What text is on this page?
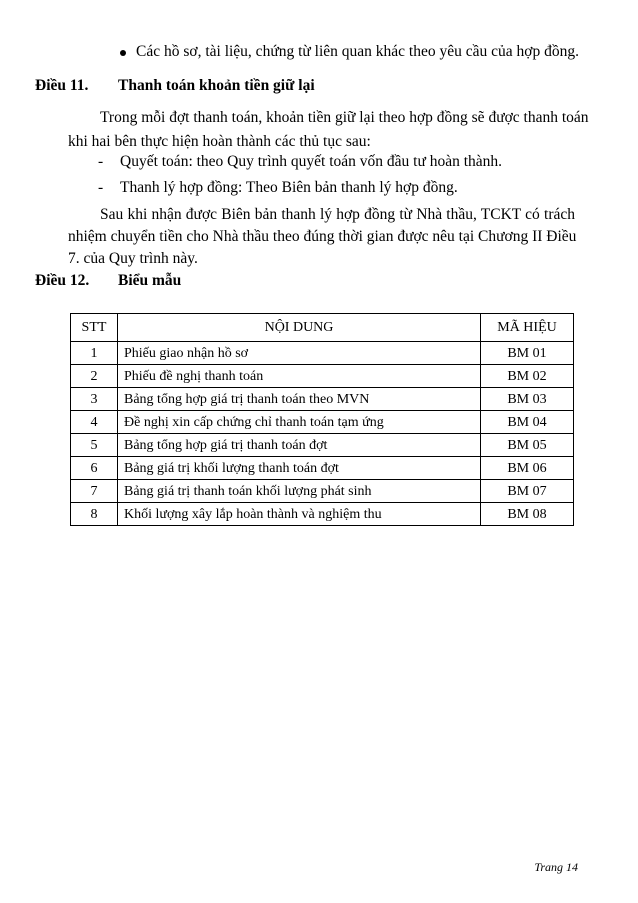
Các hồ sơ, tài liệu, chứng từ liên quan khác theo yêu cầu của hợp đồng.
Điều 11. Thanh toán khoản tiền giữ lại
Trong mỗi đợt thanh toán, khoản tiền giữ lại theo hợp đồng sẽ được thanh toán
khi hai bên thực hiện hoàn thành các thủ tục sau:
- Quyết toán: theo Quy trình quyết toán vốn đầu tư hoàn thành.
- Thanh lý hợp đồng: Theo Biên bản thanh lý hợp đồng.
Sau khi nhận được Biên bản thanh lý hợp đồng từ Nhà thầu, TCKT có trách
nhiệm chuyển tiền cho Nhà thầu theo đúng thời gian được nêu tại Chương II Điều
7. của Quy trình này.
Điều 12. Biểu mẫu
STT	NỘI DUNG	MÃ HIỆU
1	Phiếu giao nhận hồ sơ	BM 01
2	Phiếu đề nghị thanh toán	BM 02
3	Bảng tổng hợp giá trị thanh toán theo MVN	BM 03
4	Đề nghị xin cấp chứng chỉ thanh toán tạm ứng	BM 04
5	Bảng tổng hợp giá trị thanh toán đợt	BM 05
6	Bảng giá trị khối lượng thanh toán đợt	BM 06
7	Bảng giá trị thanh toán khối lượng phát sinh	BM 07
8	Khối lượng xây lắp hoàn thành và nghiệm thu	BM 08
Trang 14
